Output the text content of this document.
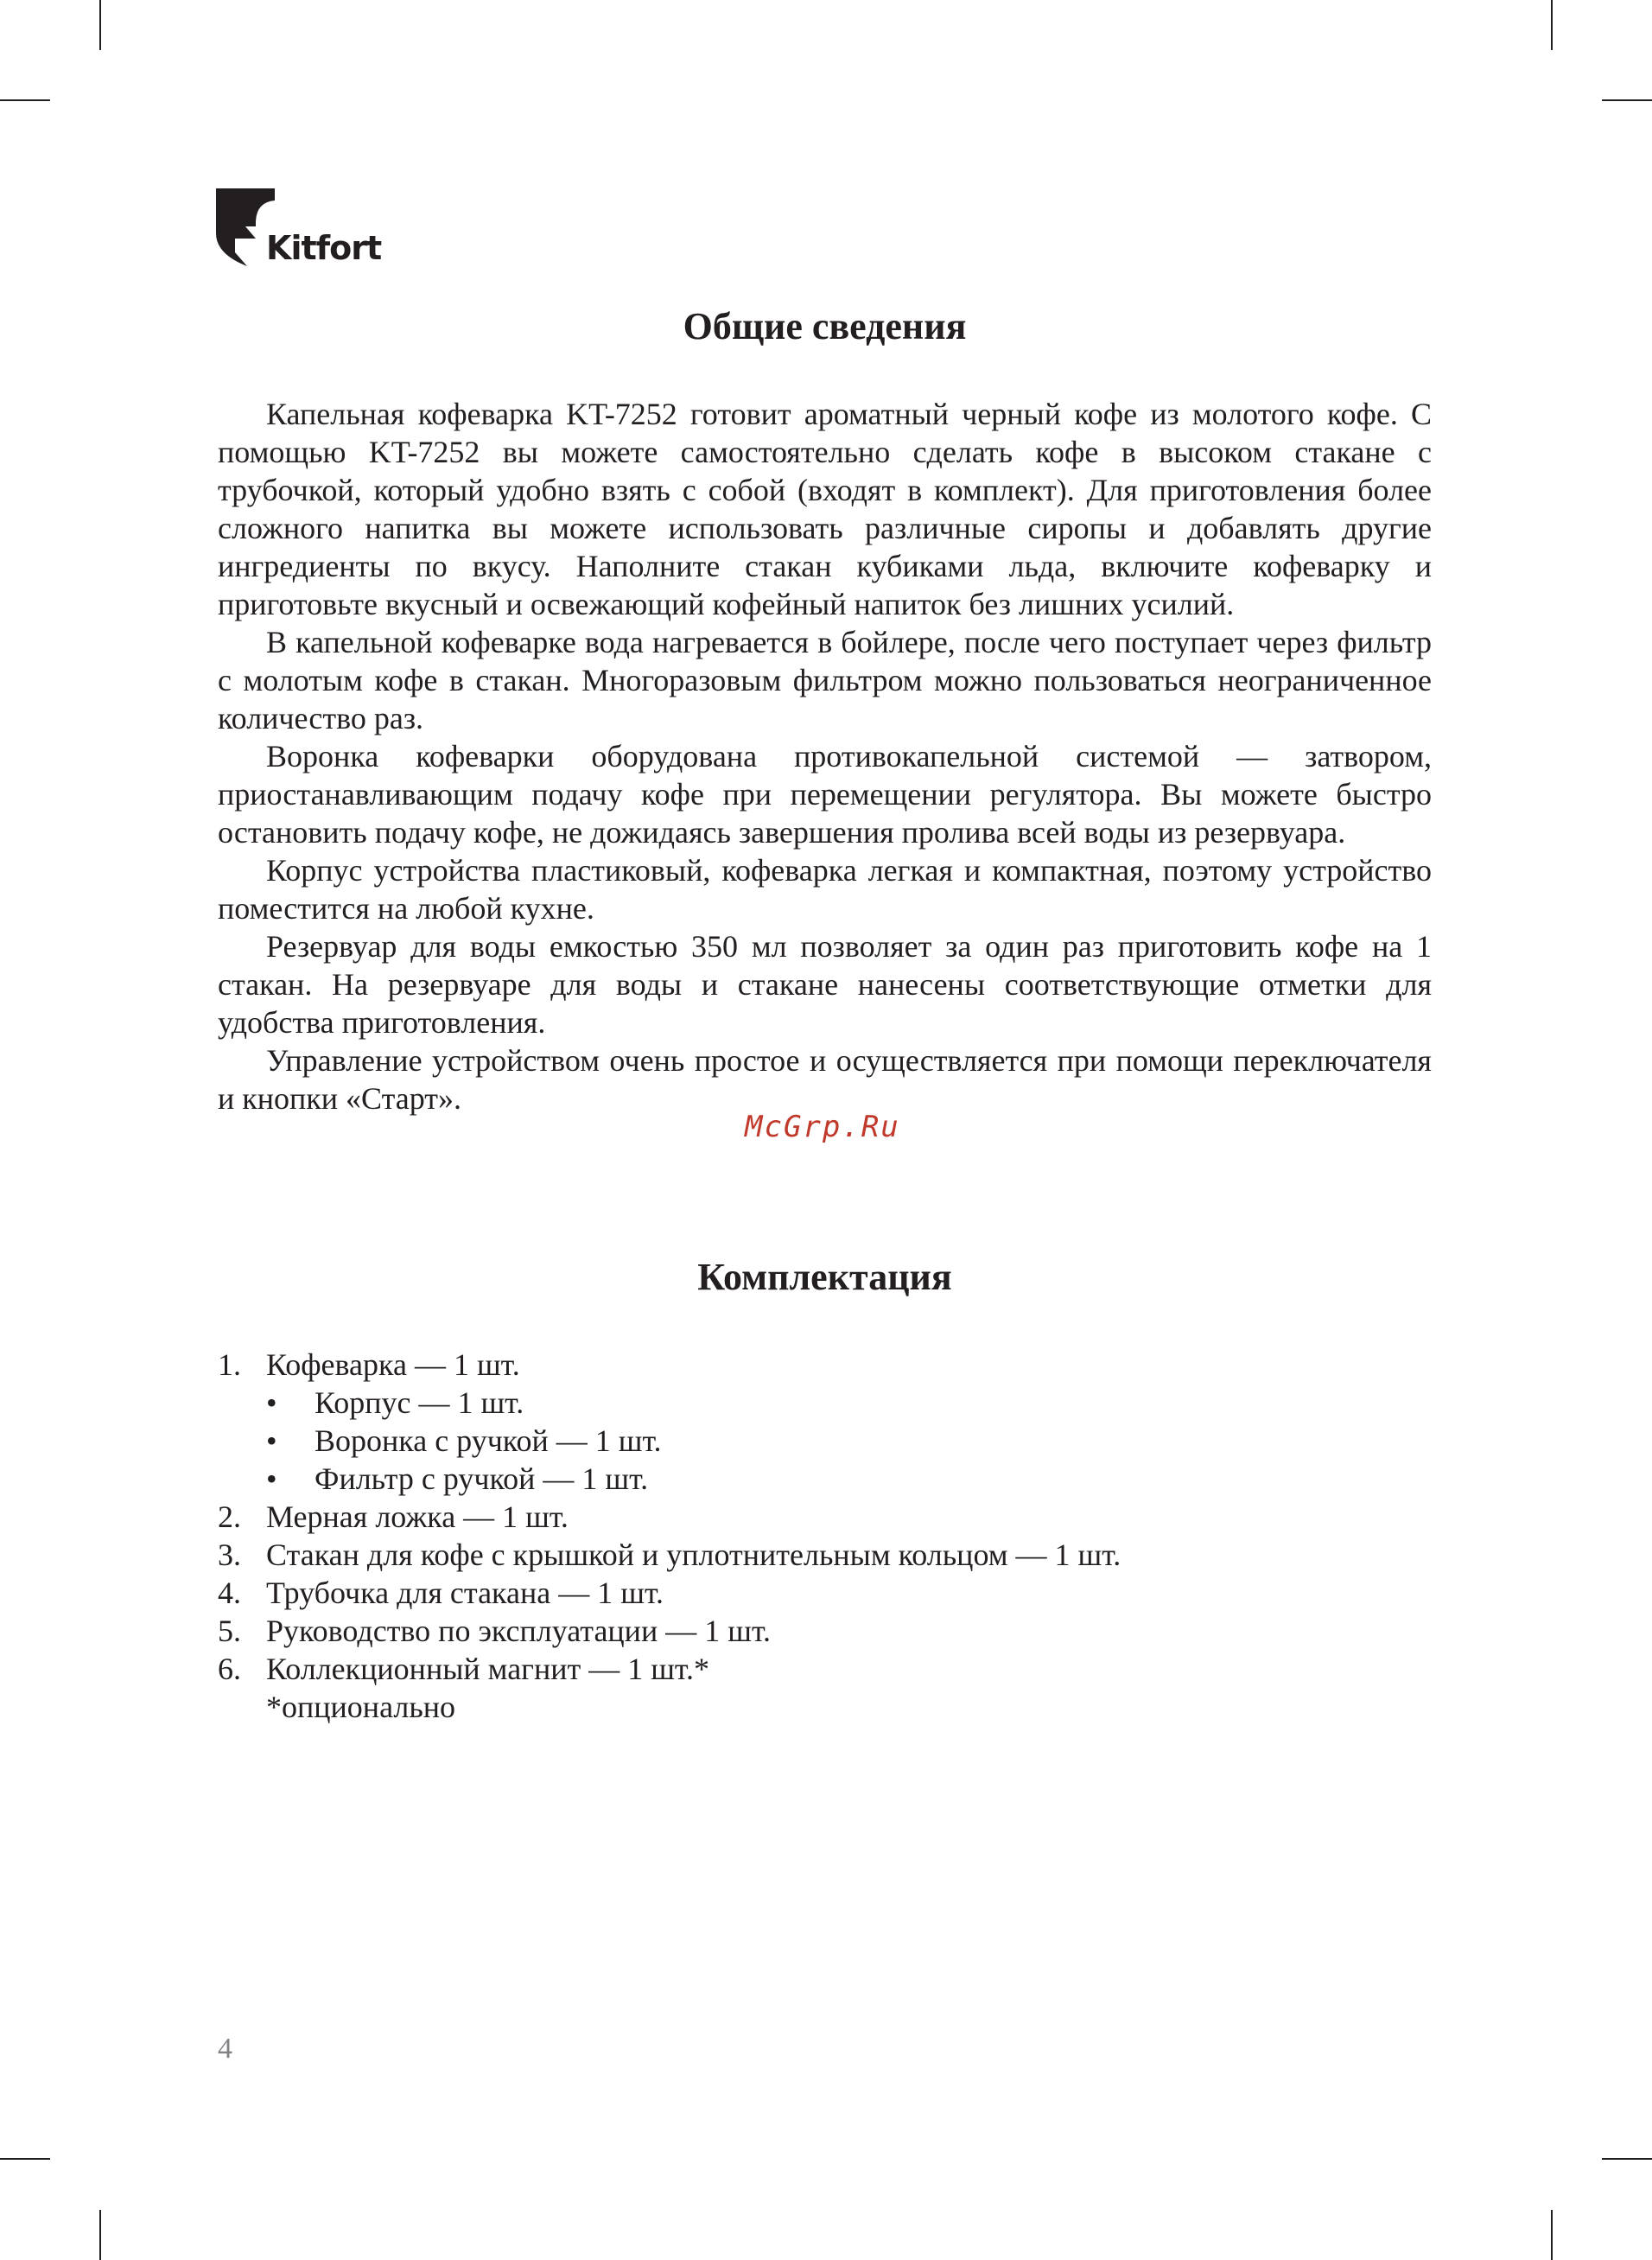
Kitfort
Общие сведения

Капельная кофеварка KT-7252 готовит ароматный черный кофе из молотого кофе. С помощью KT-7252 вы можете самостоятельно сделать кофе в высоком стакане с трубочкой, который удобно взять с собой (входят в комплект). Для приготовления более сложного напитка вы можете использовать различные сиропы и добавлять другие ингредиенты по вкусу. Наполните стакан кубиками льда, включите кофеварку и приготовьте вкусный и освежающий кофейный напиток без лишних усилий.

В капельной кофеварке вода нагревается в бойлере, после чего поступает через фильтр с молотым кофе в стакан. Многоразовым фильтром можно пользоваться неограниченное количество раз.

Воронка кофеварки оборудована противокапельной системой — затвором, приостанавливающим подачу кофе при перемещении регулятора. Вы можете быстро остановить подачу кофе, не дожидаясь завершения пролива всей воды из резервуара.

Корпус устройства пластиковый, кофеварка легкая и компактная, поэтому устройство поместится на любой кухне.

Резервуар для воды емкостью 350 мл позволяет за один раз приготовить кофе на 1 стакан. На резервуаре для воды и стакане нанесены соответствующие отметки для удобства приготовления.

Управление устройством очень простое и осуществляется при помощи переключателя и кнопки «Старт».

McGrp.Ru
Комплектация
1. Кофеварка — 1 шт.
•	Корпус — 1 шт.
•	Воронка с ручкой — 1 шт.
•	Фильтр с ручкой — 1 шт.
2. Мерная ложка — 1 шт.
3. Стакан для кофе с крышкой и уплотнительным кольцом — 1 шт.
4. Трубочка для стакана — 1 шт.
5. Руководство по эксплуатации — 1 шт.
6. Коллекционный магнит — 1 шт.*
*опционально
4
